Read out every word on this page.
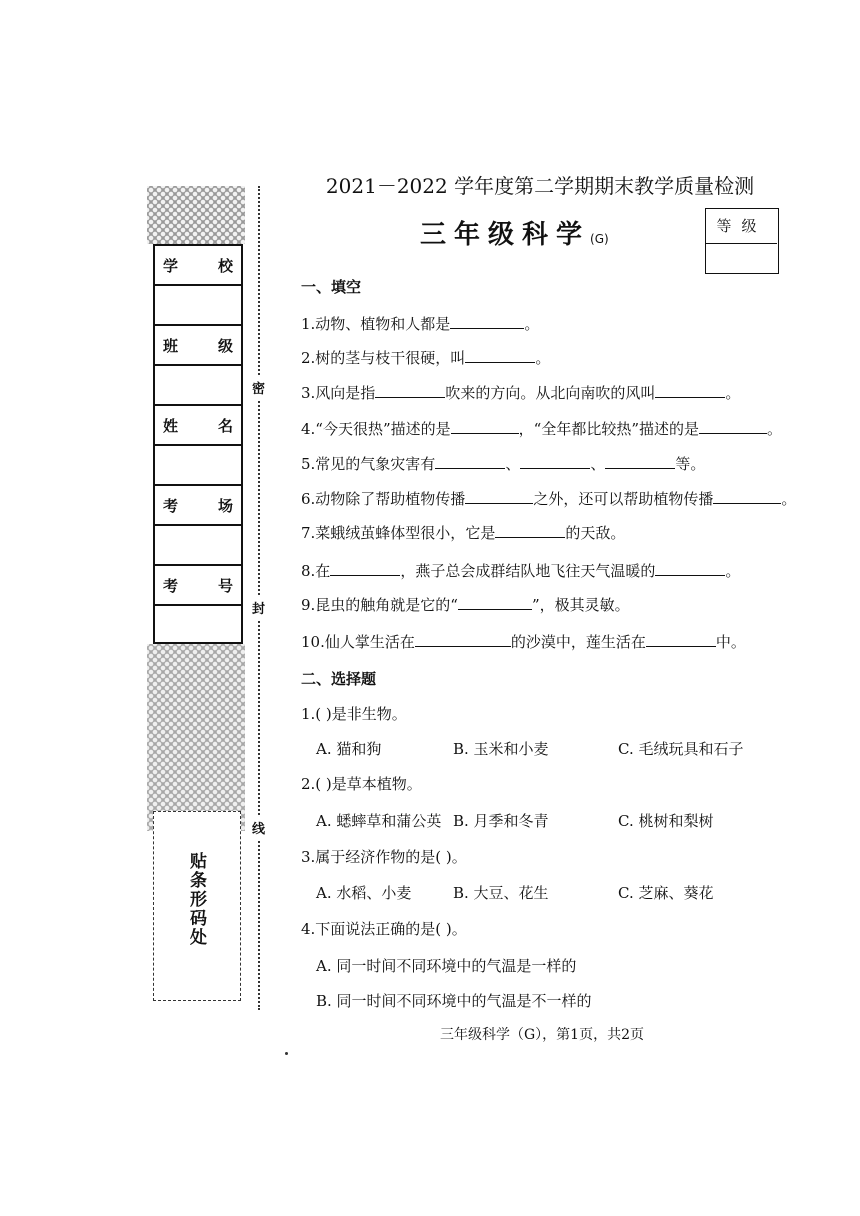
学	校
班	级
姓	名
考	场
考	号
贴条形码处
密
封
线
2021－2022 学年度第二学期期末教学质量检测
三年级科学(G)
等级
一、填空
1.动物、植物和人都是	。
2.树的茎与枝干很硬，叫	。
3.风向是指	吹来的方向。从北向南吹的风叫	。
4.“今天很热”描述的是	，“全年都比较热”描述的是	。
5.常见的气象灾害有	、	、	等。
6.动物除了帮助植物传播	之外，还可以帮助植物传播	。
7.菜蛾绒茧蜂体型很小，它是	的天敌。
8.在	，燕子总会成群结队地飞往天气温暖的	。
9.昆虫的触角就是它的“	”，极其灵敏。
10.仙人掌生活在	的沙漠中，莲生活在	中。
二、选择题
1.( )是非生物。
A. 猫和狗	B. 玉米和小麦	C. 毛绒玩具和石子
2.( )是草本植物。
A. 蟋蟀草和蒲公英 B. 月季和冬青	C. 桃树和梨树
3.属于经济作物的是( )。
A. 水稻、小麦	B. 大豆、花生	C. 芝麻、葵花
4.下面说法正确的是( )。
A. 同一时间不同环境中的气温是一样的
B. 同一时间不同环境中的气温是不一样的
三年级科学（G），第1页，共2页
